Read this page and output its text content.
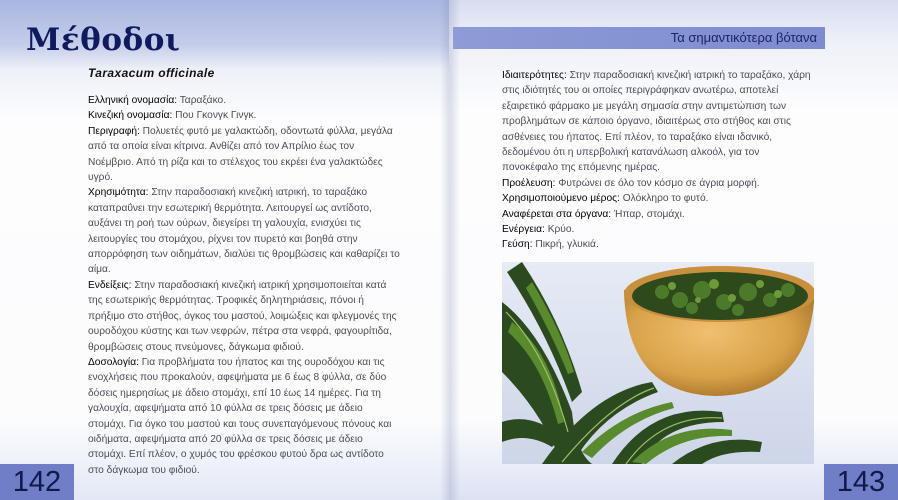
Μέθοδοι	Τα σημαντικότερα βότανα
Taraxacum officinale

Ελληνική ονομασία: Ταραξάκο.

Κινεζική ονομασία: Που Γκονγκ Γινγκ.

Περιγραφή: Πολυετές φυτό με γαλακτώδη, οδοντωτά φύλλα, μεγάλα από τα οποία είναι κίτρινα. Ανθίζει από τον Απρίλιο έως τον Νοέμβριο. Από τη ρίζα και το στέλεχος του εκρέει ένα γαλακτώδες υγρό.

Χρησιμότητα: Στην παραδοσιακή κινεζική ιατρική, το ταραξάκο καταπραΰνει την εσωτερική θερμότητα. Λειτουργεί ως αντίδοτο, αυξάνει τη ροή των ούρων, διεγείρει τη γαλουχία, ενισχύει τις λειτουργίες του στομάχου, ρίχνει τον πυρετό και βοηθά στην απορρόφηση των οιδημάτων, διαλύει τις θρομβώσεις και καθαρίζει το αίμα.

Ενδείξεις: Στην παραδοσιακή κινεζική ιατρική χρησιμοποιείται κατά της εσωτερικής θερμότητας. Τροφικές δηλητηριάσεις, πόνοι ή πρήξιμο στο στήθος, όγκος του μαστού, λοιμώξεις και φλεγμονές της ουροδόχου κύστης και των νεφρών, πέτρα στα νεφρά, φαγουρίτιδα, θρομβώσεις στους πνεύμονες, δάγκωμα φιδιού.

Δοσολογία: Για προβλήματα του ήπατος και της ουροδόχου και τις ενοχλήσεις που προκαλούν, αφεψήματα με 6 έως 8 φύλλα, σε δύο δόσεις ημερησίως με άδειο στομάχι, επί 10 έως 14 ημέρες. Για τη γαλουχία, αφεψήματα από 10 φύλλα σε τρεις δόσεις με άδειο στομάχι. Για όγκο του μαστού και τους συνεπαγόμενους πόνους και οιδήματα, αφεψήματα από 20 φύλλα σε τρεις δόσεις με άδειο στομάχι. Επί πλέον, ο χυμός του φρέσκου φυτού δρα ως αντίδοτο στο δάγκωμα του φιδιού.

Ιδιαιτερότητες: Στην παραδοσιακή κινεζική ιατρική το ταραξάκο, χάρη στις ιδιότητές του οι οποίες περιγράφηκαν ανωτέρω, αποτελεί εξαιρετικό φάρμακο με μεγάλη σημασία στην αντιμετώπιση των προβλημάτων σε κάποιο όργανο, ιδιαιτέρως στο στήθος και στις ασθένειες του ήπατος. Επί πλέον, το ταραξάκο είναι ιδανικό, δεδομένου ότι η υπερβολική κατανάλωση αλκοόλ, για τον πονοκέφαλο της επόμενης ημέρας.

Προέλευση: Φυτρώνει σε όλο τον κόσμο σε άγρια μορφή.

Χρησιμοποιούμενο μέρος: Ολόκληρο το φυτό.

Αναφέρεται στα όργανα: Ήπαρ, στομάχι.

Ενέργεια: Κρύο.

Γεύση: Πικρή, γλυκιά.

142	143
